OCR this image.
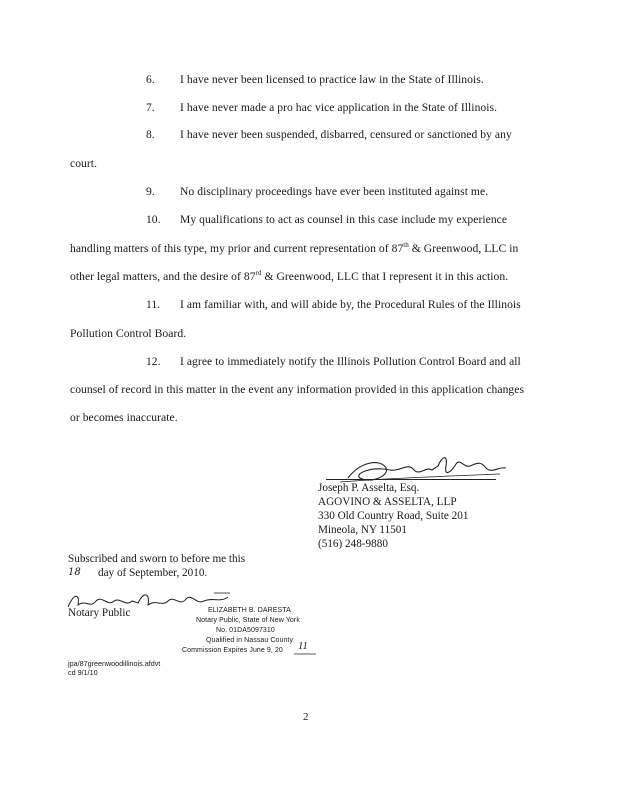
6. I have never been licensed to practice law in the State of Illinois.
7. I have never made a pro hac vice application in the State of Illinois.
8. I have never been suspended, disbarred, censured or sanctioned by any
court.
9. No disciplinary proceedings have ever been instituted against me.
10. My qualifications to act as counsel in this case include my experience
handling matters of this type, my prior and current representation of 87th & Greenwood, LLC in
other legal matters, and the desire of 87rd & Greenwood, LLC that I represent it in this action.
11. I am familiar with, and will abide by, the Procedural Rules of the Illinois
Pollution Control Board.
12. I agree to immediately notify the Illinois Pollution Control Board and all
counsel of record in this matter in the event any information provided in this application changes
or becomes inaccurate.
Joseph P. Asselta, Esq.
AGOVINO & ASSELTA, LLP
330 Old Country Road, Suite 201
Mineola, NY 11501
(516) 248-9880
Subscribed and sworn to before me this
18 day of September, 2010.
Notary Public	ELIZABETH B. DARESTA
Notary Public, State of New York
No. 01DA5097310
Qualified in Nassau County
Commission Expires June 9, 20 11
jpa/87greenwoodillinois.afdvt
cd 9/1/10
2
